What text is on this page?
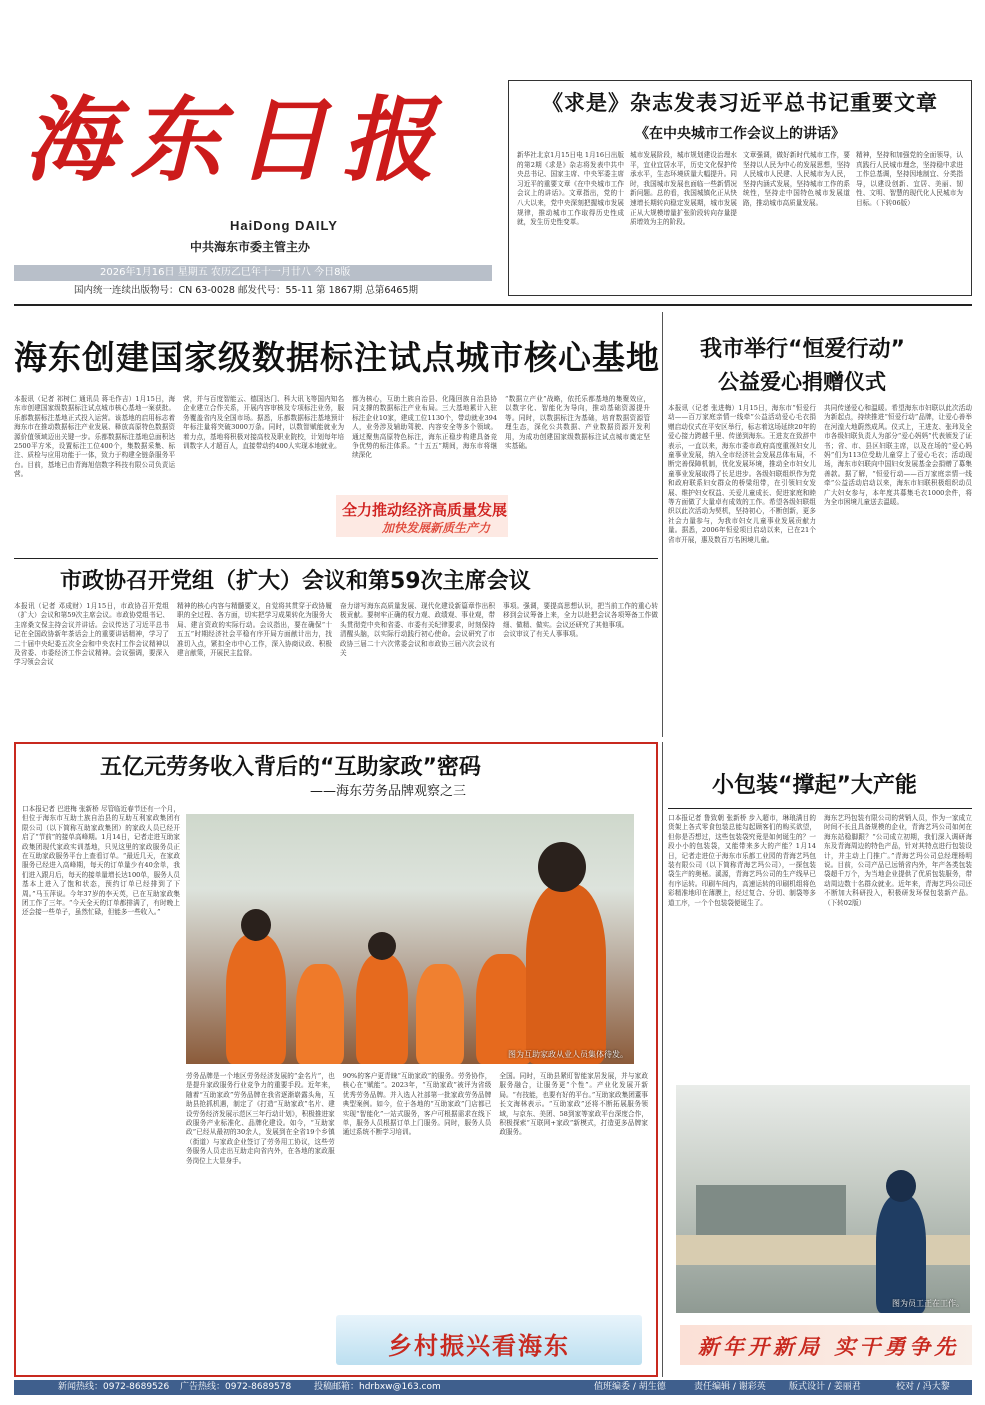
海东日报
HaiDong DAILY
中共海东市委主管主办
2026年1月16日 星期五 农历乙巳年十一月廿八 今日8版
国内统一连续出版物号：CN 63-0028 邮发代号：55-11 第 1867期 总第6465期
《求是》杂志发表习近平总书记重要文章
《在中央城市工作会议上的讲话》
新华社北京1月15日电 1月16日出版的第2期《求是》杂志将发表中共中央总书记、国家主席、中央军委主席习近平的重要文章《在中央城市工作会议上的讲话》。文章指出，党的十八大以来，党中央深刻把握城市发展规律，推动城市工作取得历史性成就，发生历史性变革。
城市发展阶段，城市规划建设治理水平，宜业宜居水平，历史文化保护传承水平，生态环境质量大幅提升。同时，我国城市发展也面临一些新情况新问题。总的看，我国城镇化正从快速增长期转向稳定发展期，城市发展正从大规模增量扩张阶段转向存量提质增效为主的阶段。
文章强调，做好新时代城市工作，要坚持以人民为中心的发展思想，坚持人民城市人民建、人民城市为人民，坚持内涵式发展，坚持城市工作的系统性，坚持走中国特色城市发展道路，推动城市高质量发展。
精神，坚持和加强党的全面领导，认真践行人民城市理念，坚持稳中求进工作总基调，坚持因地制宜、分类指导，以建设创新、宜居、美丽、韧性、文明、智慧的现代化人民城市为目标。（下转06版）
海东创建国家级数据标注试点城市核心基地
本报讯（记者 祁树仁 通讯员 蒋毛作吉）1月15日，海东市创建国家级数据标注试点城市核心基地一案获批。乐都数据标注基地正式投入运营。该基地的启用标志着海东市在推动数据标注产业发展、释放高原特色数据资源价值领域迈出关键一步。乐都数据标注基地总面积达2500平方米，设置标注工位400个，集数据采集、标注、质检与应用功能于一体，致力于构建全链条服务平台。目前，基地已由青海旭信数字科技有限公司负责运营。
营，并与百度智能云、德国达门、科大讯飞等国内知名企业建立合作关系，开展内容审核及专项标注业务，服务覆盖省内及全国市场。据悉，乐都数据标注基地预计年标注量将突破3000万条。同时，以数智赋能就业为着力点，基地将积极对接高校及职业院校，计划每年培训数字人才超百人，直接带动约400人实现本地就业。
都为核心，互助土族自治县、化隆回族自治县协同支撑的数据标注产业布局。三大基地累计入驻标注企业10家，建成工位1130个，带动就业394人，业务涉及辅助驾驶、内容安全等多个领域。通过聚焦高原特色标注，海东正稳步构建具备竞争优势的标注体系。“十五五”期间，海东市将继续深化
“数据立产业”战略，依托乐都基地的集聚效应，以数字化、智能化为导向，推动基础资源提升等。同时，以数据标注为基础，培育数据资源管理生态，深化公共数据、产业数据资源开发利用，为成功创建国家级数据标注试点城市奠定坚实基础。
全力推动经济高质量发展
加快发展新质生产力
市政协召开党组（扩大）会议和第59次主席会议
本报讯（记者 邓成财）1月15日，市政协召开党组（扩大）会议和第59次主席会议。市政协党组书记、主席桑文保主持会议并讲话。会议传达了习近平总书记在全国政协新年茶话会上的重要讲话精神，学习了二十届中央纪委五次全会和中央农村工作会议精神以及省委、市委经济工作会议精神。会议强调，要深入学习领会会议
精神的核心内容与精髓要义，自觉将其贯穿于政协履职的全过程、各方面，切实把学习成果转化为服务大局、建言资政的实际行动。会议指出，要在确保“十五五”时期经济社会平稳有序开局方面献计出力，找准切入点，紧扣全市中心工作，深入协商议政、积极建言献策，开展民主监督。
奋力谱写海东高质量发展、现代化建设新篇章作出积极贡献。要树牢正确的权力观、政绩观、事业观，带头贯彻党中央和省委、市委有关纪律要求，时刻保持清醒头脑，以实际行动践行初心使命。会议研究了市政协三届二十六次常委会议和市政协三届六次会议有关
事项。强调，要提高思想认识，把当前工作的重心转移到会议筹备上来，全力以赴把会议各项筹备工作做细、做精、做实。会议还研究了其他事项。
会议审议了有关人事事项。
我市举行“恒爱行动”
公益爱心捐赠仪式
本报讯（记者 张进梅）1月15日，海东市“恒爱行动——百万家庭亲情一线牵”公益活动爱心毛衣捐赠启动仪式在平安区举行，标志着这场延续20年的爱心接力跨越千里、传递到海东。王进友在致辞中表示，一直以来，海东市委市政府高度重视妇女儿童事业发展，纳入全市经济社会发展总体布局，不断完善保障机制，优化发展环境，推动全市妇女儿童事业发展取得了长足进步。各级妇联组织作为党和政府联系妇女群众的桥梁纽带，在引领妇女发展、维护妇女权益、关爱儿童成长、促进家庭和睦等方面做了大量卓有成效的工作。希望各级妇联组织以此次活动为契机，坚持初心，不断创新，更多社会力量参与，为我市妇女儿童事业发展贡献力量。据悉，2006年恒爱项目启动以来，已在21个省市开展，惠及数百万名困境儿童。
共同传递爱心和温暖。希望海东市妇联以此次活动为新起点，持续推进“恒爱行动”品牌，让爱心善举在河湟大地蔚然成风。仪式上，王进友、张玮及全市各级妇联负责人为部分“爱心妈妈”代表颁发了证书；省、市、县区妇联主席，以及在场的“爱心妈妈”们为113位受助儿童穿上了爱心毛衣；活动现场，海东市妇联向中国妇女发展基金会捐赠了募集善款。据了解，“恒爱行动——百万家庭亲情一线牵”公益活动启动以来，海东市妇联积极组织动员广大妇女参与，本年度共募集毛衣1000余件，将为全市困境儿童送去温暖。
五亿元劳务收入背后的“互助家政”密码
——海东劳务品牌观察之三
口本报记者 巴进梅 张新桥 尽管临近春节还有一个月，但位于海东市互助土族自治县的互助互利家政集团有限公司（以下简称互助家政集团）的家政人员已经开启了“节前”的接单高峰期。1月14日，记者走进互助家政集团现代家政实训基地，只见这里的家政服务员正在互助家政服务平台上查看订单。“最近几天，在家政服务已经进入高峰期，每天的订单量少有40余单，我们进入跟月后，每天的接单量增长达100单，服务人员基本上进入了饱和状态，预约订单已经排到了下周。”马玉萍说。今年37岁的李天英，已在互助家政集团工作了三年。“今天全天的订单都排满了，有时晚上还会接一些单子，虽然忙碌，但能多一些收入。”
图为互助家政从业人员集体待发。
劳务品牌是一个地区劳务经济发展的“金名片”，也是提升家政服务行业竞争力的重要手段。近年来，随着“互助家政”劳务品牌在我省逐渐崭露头角，互助县抢抓机遇，制定了《打造“互助家政”名片、建设劳务经济发展示范区三年行动计划》，积极推进家政服务产业标准化、品牌化建设。如今，“互助家政”已经从最初的30余人，发展到在全省19个乡镇（街道）与家政企业签订了劳务用工协议，这些劳务服务人员走出互助走向省内外，在各地的家政服务岗位上大显身手。
90%的客户更青睐“互助家政”的服务。劳务协作，核心在“赋能”。2023年，“互助家政”被评为省级优秀劳务品牌。并入选人社部第一批家政劳务品牌典型案例。如今，位于各地的“互助家政”门店都已实现“智能化”一站式服务，客户可根据需求在线下单，服务人员根据订单上门服务。同时，服务人员通过系统不断学习培训。
全国。同时，互助县紧盯智能家居发展，并与家政服务融合，让服务更“个性”。产业化发展开新局。“有技能，也要有好的平台。”互助家政集团董事长文海林表示。“互助家政”还将不断拓展服务领域，与京东、美团、58到家等家政平台深度合作，积极探索“互联网+家政”新模式，打造更多品牌家政服务。
乡村振兴看海东
小包装“撑起”大产能
口本报记者 鲁致朝 张新桥 步入超市，琳琅满目的货架上各式零食包装总能勾起顾客们的购买欲望，但你是否想过，这些包装袋究竟是如何诞生的？一段小小的包装袋，又能带来多大的产能？1月14日，记者走进位于海东市乐都工业园的青海艺玛包装有限公司（以下简称青海艺玛公司），一探包装袋生产的奥秘。溪源，青海艺玛公司的生产线早已有序运转。印刷车间内，高速运转的印刷机组将色彩精准地印在薄膜上，经过复合、分切、制袋等多道工序，一个个包装袋便诞生了。
海东艺玛包装有限公司的营销人员，作为一家成立时间不长且具备规模的企业，青海艺玛公司如何在海东站稳脚跟？“公司成立初期，我们深入调研海东及青海周边的特色产品，针对其特点进行包装设计，并主动上门推广。”青海艺玛公司总经理杨明说。目前，公司产品已远销省内外，年产各类包装袋超千万个，为当地企业提供了优质包装服务，带动周边数十名群众就业。近年来，青海艺玛公司还不断加大科研投入，积极研发环保包装新产品。（下转02版）
图为员工正在工作。
新年开新局 实干勇争先
新闻热线：0972-8689526 广告热线：0972-8689578	投稿邮箱：hdrbxw@163.com	值班编委 / 胡生德	责任编辑 / 谢彩英	版式设计 / 姜丽君	校对 / 冯大黎
